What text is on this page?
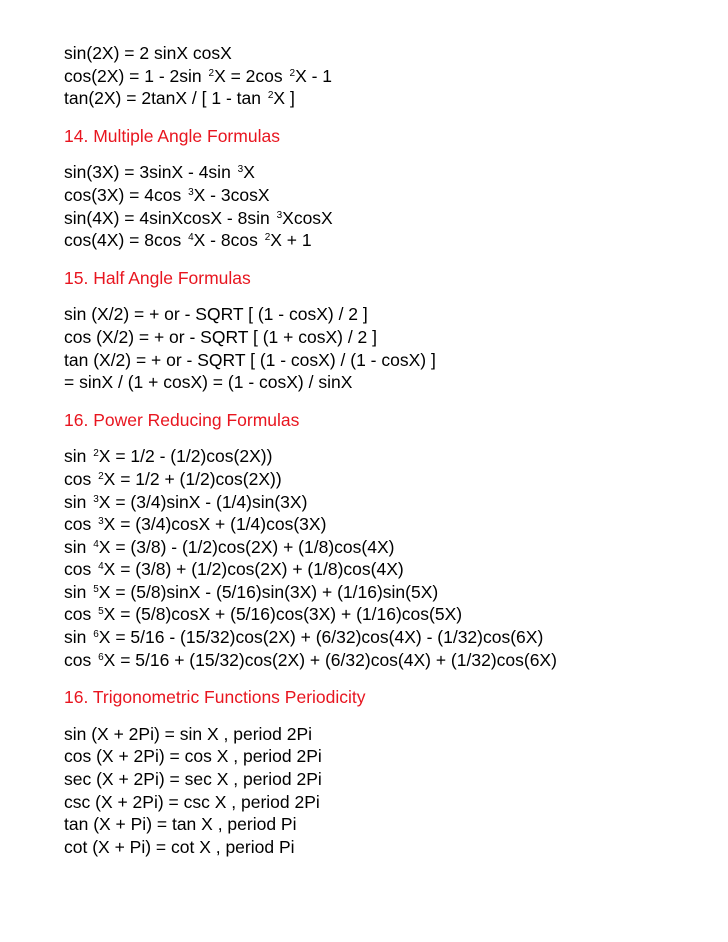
sin(2X) = 2 sinX cosX
cos(2X) = 1 - 2sin $^2$X = 2cos $^2$X - 1
tan(2X) = 2tanX / [ 1 - tan $^2$X ]
14. Multiple Angle Formulas
sin(3X) = 3sinX - 4sin $^3$X
cos(3X) = 4cos $^3$X - 3cosX
sin(4X) = 4sinXcosX - 8sin $^3$XcosX
cos(4X) = 8cos $^4$X - 8cos $^2$X + 1
15. Half Angle Formulas
sin (X/2) = + or - SQRT [ (1 - cosX) / 2 ]
cos (X/2) = + or - SQRT [ (1 + cosX) / 2 ]
tan (X/2) = + or - SQRT [ (1 - cosX) / (1 - cosX) ]
= sinX / (1 + cosX) = (1 - cosX) / sinX
16. Power Reducing Formulas
sin $^2$X = 1/2 - (1/2)cos(2X))
cos $^2$X = 1/2 + (1/2)cos(2X))
sin $^3$X = (3/4)sinX - (1/4)sin(3X)
cos $^3$X = (3/4)cosX + (1/4)cos(3X)
sin $^4$X = (3/8) - (1/2)cos(2X) + (1/8)cos(4X)
cos $^4$X = (3/8) + (1/2)cos(2X) + (1/8)cos(4X)
sin $^5$X = (5/8)sinX - (5/16)sin(3X) + (1/16)sin(5X)
cos $^5$X = (5/8)cosX + (5/16)cos(3X) + (1/16)cos(5X)
sin $^6$X = 5/16 - (15/32)cos(2X) + (6/32)cos(4X) - (1/32)cos(6X)
cos $^6$X = 5/16 + (15/32)cos(2X) + (6/32)cos(4X) + (1/32)cos(6X)
16. Trigonometric Functions Periodicity
sin (X + 2Pi) = sin X , period 2Pi
cos (X + 2Pi) = cos X , period 2Pi
sec (X + 2Pi) = sec X , period 2Pi
csc (X + 2Pi) = csc X , period 2Pi
tan (X + Pi) = tan X , period Pi
cot (X + Pi) = cot X , period Pi
